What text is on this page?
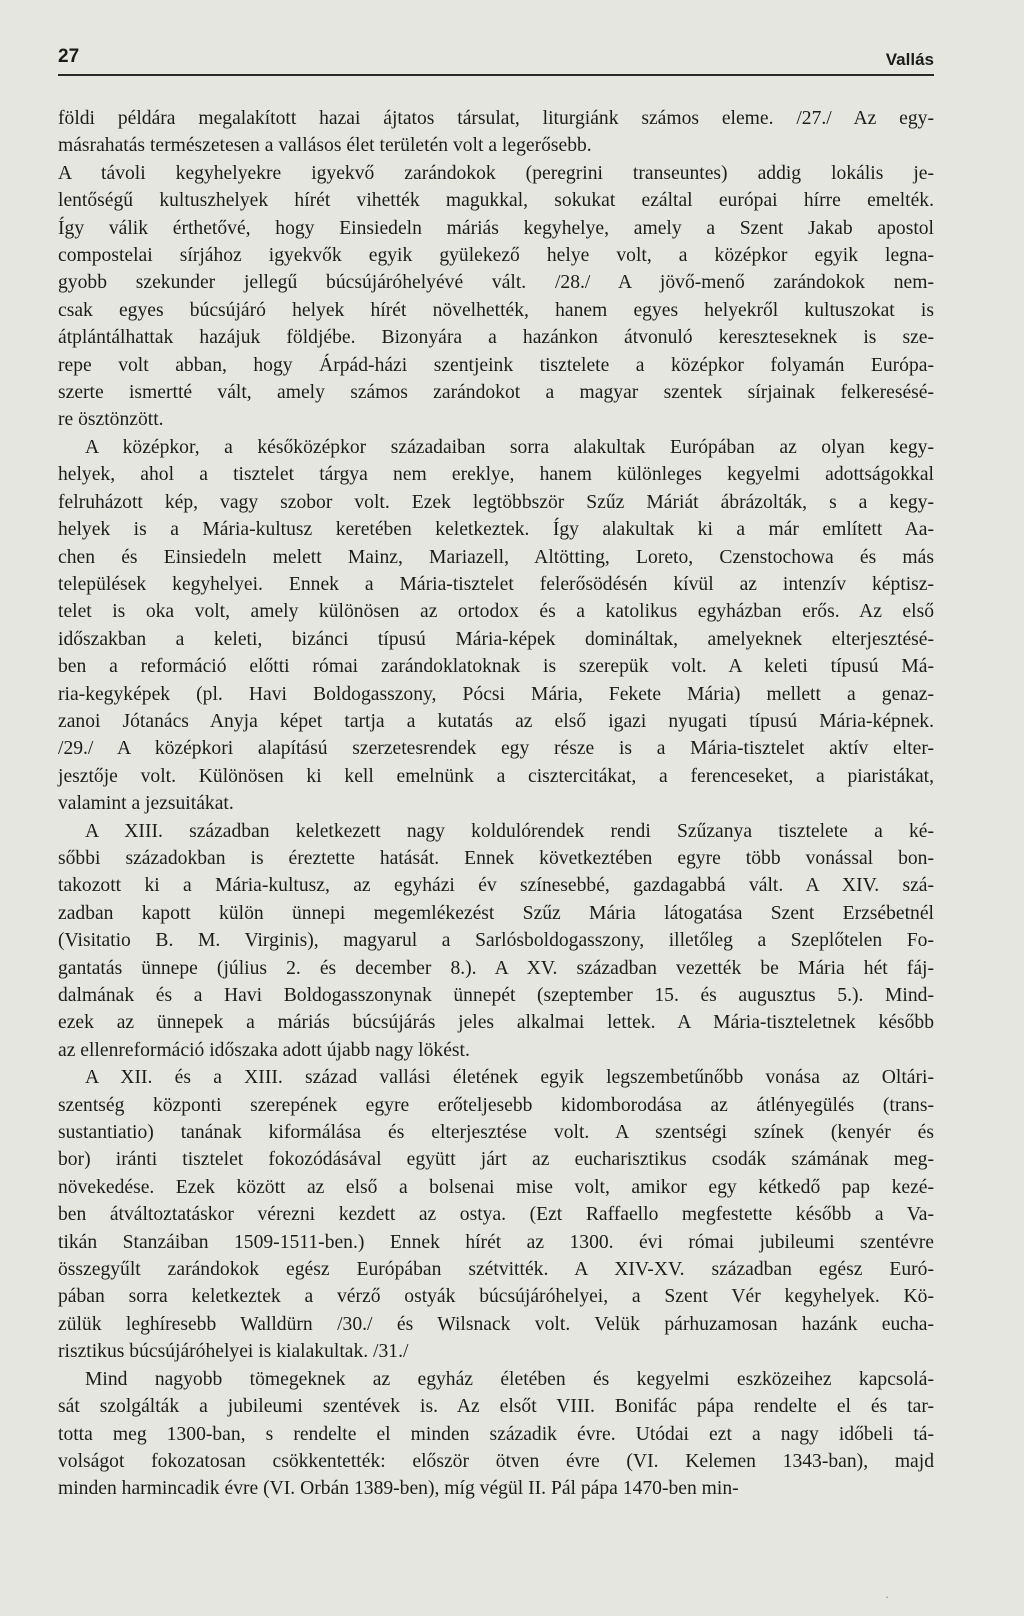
27	Vallás

földi példára megalakított hazai ájtatos társulat, liturgiánk számos eleme. /27./ Az egy-
másrahatás természetesen a vallásos élet területén volt a legerősebb.

A távoli kegyhelyekre igyekvő zarándokok (peregrini transeuntes) addig lokális je-
lentőségű kultuszhelyek hírét vihették magukkal, sokukat ezáltal európai hírre emelték.
Így válik érthetővé, hogy Einsiedeln máriás kegyhelye, amely a Szent Jakab apostol
compostelai sírjához igyekvők egyik gyülekező helye volt, a középkor egyik legna-
gyobb szekunder jellegű búcsújáróhelyévé vált. /28./ A jövő-menő zarándokok nem-
csak egyes búcsújáró helyek hírét növelhették, hanem egyes helyekről kultuszokat is
átplántálhattak hazájuk földjébe. Bizonyára a hazánkon átvonuló kereszteseknek is sze-
repe volt abban, hogy Árpád-házi szentjeink tisztelete a középkor folyamán Európa-
szerte ismertté vált, amely számos zarándokot a magyar szentek sírjainak felkeresésé-
re ösztönzött.

A középkor, a későközépkor századaiban sorra alakultak Európában az olyan kegy-
helyek, ahol a tisztelet tárgya nem ereklye, hanem különleges kegyelmi adottságokkal
felruházott kép, vagy szobor volt. Ezek legtöbbször Szűz Máriát ábrázolták, s a kegy-
helyek is a Mária-kultusz keretében keletkeztek. Így alakultak ki a már említett Aa-
chen és Einsiedeln melett Mainz, Mariazell, Altötting, Loreto, Czenstochowa és más
települések kegyhelyei. Ennek a Mária-tisztelet felerősödésén kívül az intenzív képtisz-
telet is oka volt, amely különösen az ortodox és a katolikus egyházban erős. Az első
időszakban a keleti, bizánci típusú Mária-képek domináltak, amelyeknek elterjesztésé-
ben a reformáció előtti római zarándoklatoknak is szerepük volt. A keleti típusú Má-
ria-kegyképek (pl. Havi Boldogasszony, Pócsi Mária, Fekete Mária) mellett a genaz-
zanoi Jótanács Anyja képet tartja a kutatás az első igazi nyugati típusú Mária-képnek.
/29./ A középkori alapítású szerzetesrendek egy része is a Mária-tisztelet aktív elter-
jesztője volt. Különösen ki kell emelnünk a cisztercitákat, a ferenceseket, a piaristákat,
valamint a jezsuitákat.

A XIII. században keletkezett nagy koldulórendek rendi Szűzanya tisztelete a ké-
sőbbi századokban is éreztette hatását. Ennek következtében egyre több vonással bon-
takozott ki a Mária-kultusz, az egyházi év színesebbé, gazdagabbá vált. A XIV. szá-
zadban kapott külön ünnepi megemlékezést Szűz Mária látogatása Szent Erzsébetnél
(Visitatio B. M. Virginis), magyarul a Sarlósboldogasszony, illetőleg a Szeplőtelen Fo-
gantatás ünnepe (július 2. és december 8.). A XV. században vezették be Mária hét fáj-
dalmának és a Havi Boldogasszonynak ünnepét (szeptember 15. és augusztus 5.). Mind-
ezek az ünnepek a máriás búcsújárás jeles alkalmai lettek. A Mária-tiszteletnek később
az ellenreformáció időszaka adott újabb nagy lökést.

A XII. és a XIII. század vallási életének egyik legszembetűnőbb vonása az Oltári-
szentség központi szerepének egyre erőteljesebb kidomborodása az átlényegülés (trans-
sustantiatio) tanának kiformálása és elterjesztése volt. A szentségi színek (kenyér és
bor) iránti tisztelet fokozódásával együtt járt az eucharisztikus csodák számának meg-
növekedése. Ezek között az első a bolsenai mise volt, amikor egy kétkedő pap kezé-
ben átváltoztatáskor vérezni kezdett az ostya. (Ezt Raffaello megfestette később a Va-
tikán Stanzáiban 1509-1511-ben.) Ennek hírét az 1300. évi római jubileumi szentévre
összegyűlt zarándokok egész Európában szétvitték. A XIV-XV. században egész Euró-
pában sorra keletkeztek a vérző ostyák búcsújáróhelyei, a Szent Vér kegyhelyek. Kö-
zülük leghíresebb Walldürn /30./ és Wilsnack volt. Velük párhuzamosan hazánk eucha-
risztikus búcsújáróhelyei is kialakultak. /31./

Mind nagyobb tömegeknek az egyház életében és kegyelmi eszközeihez kapcsolá-
sát szolgálták a jubileumi szentévek is. Az elsőt VIII. Bonifác pápa rendelte el és tar-
totta meg 1300-ban, s rendelte el minden századik évre. Utódai ezt a nagy időbeli tá-
volságot fokozatosan csökkentették: először ötven évre (VI. Kelemen 1343-ban), majd
minden harmincadik évre (VI. Orbán 1389-ben), míg végül II. Pál pápa 1470-ben min-

·
